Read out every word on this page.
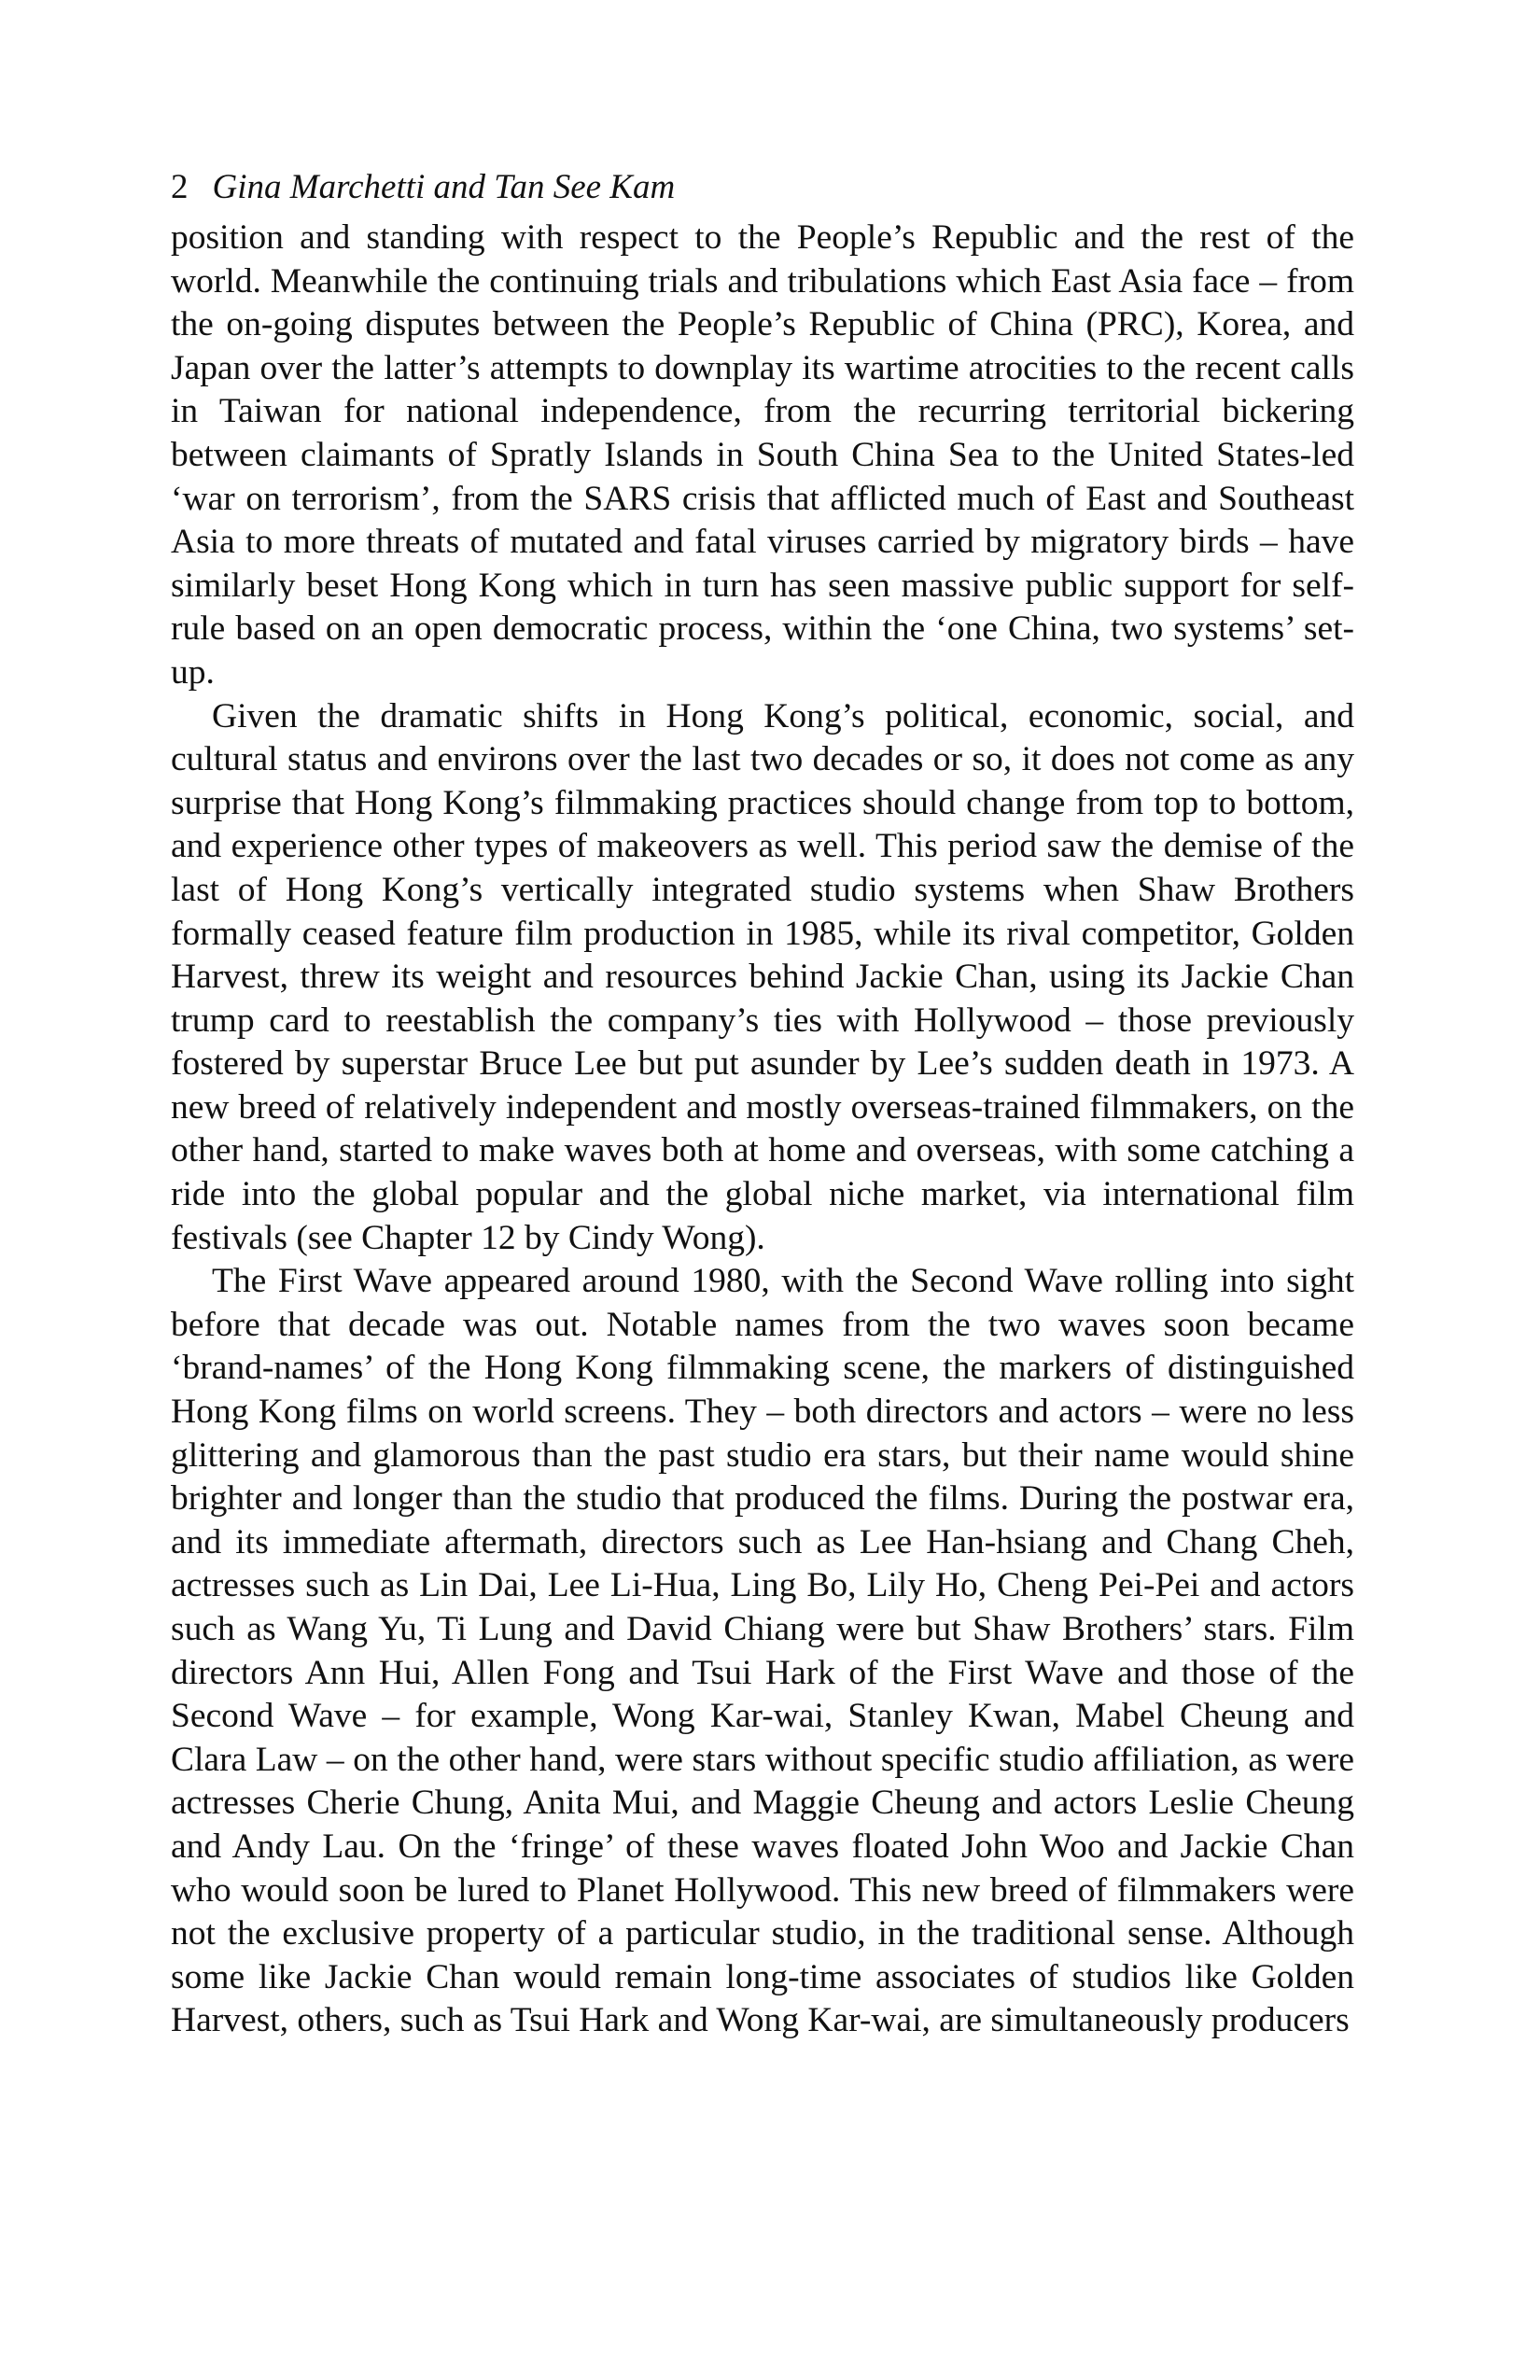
2 Gina Marchetti and Tan See Kam

position and standing with respect to the People’s Republic and the rest of the world. Meanwhile the continuing trials and tribulations which East Asia face – from the on-going disputes between the People’s Republic of China (PRC), Korea, and Japan over the latter’s attempts to downplay its wartime atrocities to the recent calls in Taiwan for national independence, from the recurring territorial bickering between claimants of Spratly Islands in South China Sea to the United States-led ‘war on terrorism’, from the SARS crisis that afflicted much of East and Southeast Asia to more threats of mutated and fatal viruses carried by migratory birds – have similarly beset Hong Kong which in turn has seen massive public support for self-rule based on an open democratic process, within the ‘one China, two systems’ set-up.

Given the dramatic shifts in Hong Kong’s political, economic, social, and cultural status and environs over the last two decades or so, it does not come as any surprise that Hong Kong’s filmmaking practices should change from top to bottom, and experience other types of makeovers as well. This period saw the demise of the last of Hong Kong’s vertically integrated studio systems when Shaw Brothers formally ceased feature film production in 1985, while its rival competitor, Golden Harvest, threw its weight and resources behind Jackie Chan, using its Jackie Chan trump card to reestablish the company’s ties with Hollywood – those previously fostered by superstar Bruce Lee but put asunder by Lee’s sudden death in 1973. A new breed of relatively independent and mostly overseas-trained filmmakers, on the other hand, started to make waves both at home and overseas, with some catching a ride into the global popular and the global niche market, via international film festivals (see Chapter 12 by Cindy Wong).

The First Wave appeared around 1980, with the Second Wave rolling into sight before that decade was out. Notable names from the two waves soon became ‘brand-names’ of the Hong Kong filmmaking scene, the markers of distinguished Hong Kong films on world screens. They – both directors and actors – were no less glittering and glamorous than the past studio era stars, but their name would shine brighter and longer than the studio that produced the films. During the postwar era, and its immediate aftermath, directors such as Lee Han-hsiang and Chang Cheh, actresses such as Lin Dai, Lee Li-Hua, Ling Bo, Lily Ho, Cheng Pei-Pei and actors such as Wang Yu, Ti Lung and David Chiang were but Shaw Brothers’ stars. Film directors Ann Hui, Allen Fong and Tsui Hark of the First Wave and those of the Second Wave – for example, Wong Kar-wai, Stanley Kwan, Mabel Cheung and Clara Law – on the other hand, were stars without specific studio affiliation, as were actresses Cherie Chung, Anita Mui, and Maggie Cheung and actors Leslie Cheung and Andy Lau. On the ‘fringe’ of these waves floated John Woo and Jackie Chan who would soon be lured to Planet Hollywood. This new breed of filmmakers were not the exclusive property of a particular studio, in the traditional sense. Although some like Jackie Chan would remain long-time associates of studios like Golden Harvest, others, such as Tsui Hark and Wong Kar-wai, are simultaneously producers
